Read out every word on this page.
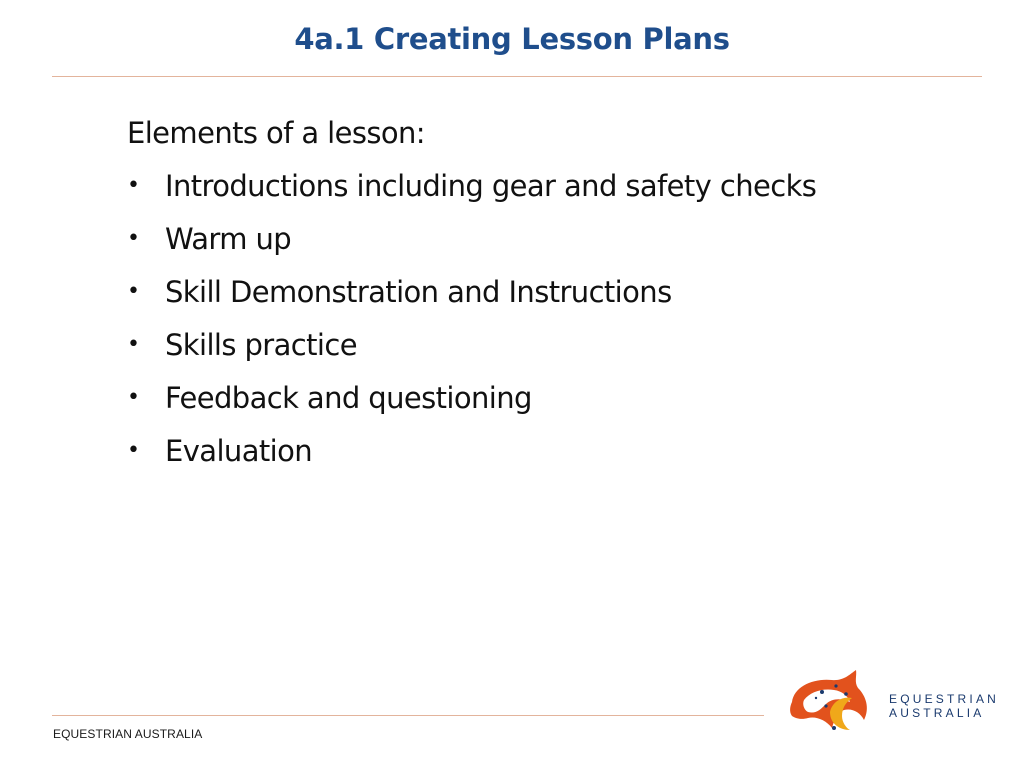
4a.1 Creating Lesson Plans
Elements of a lesson:
• Introductions including gear and safety checks
• Warm up
• Skill Demonstration and Instructions
• Skills practice
• Feedback and questioning
• Evaluation
EQUESTRIAN AUSTRALIA
EQUESTRIAN
AUSTRALIA
